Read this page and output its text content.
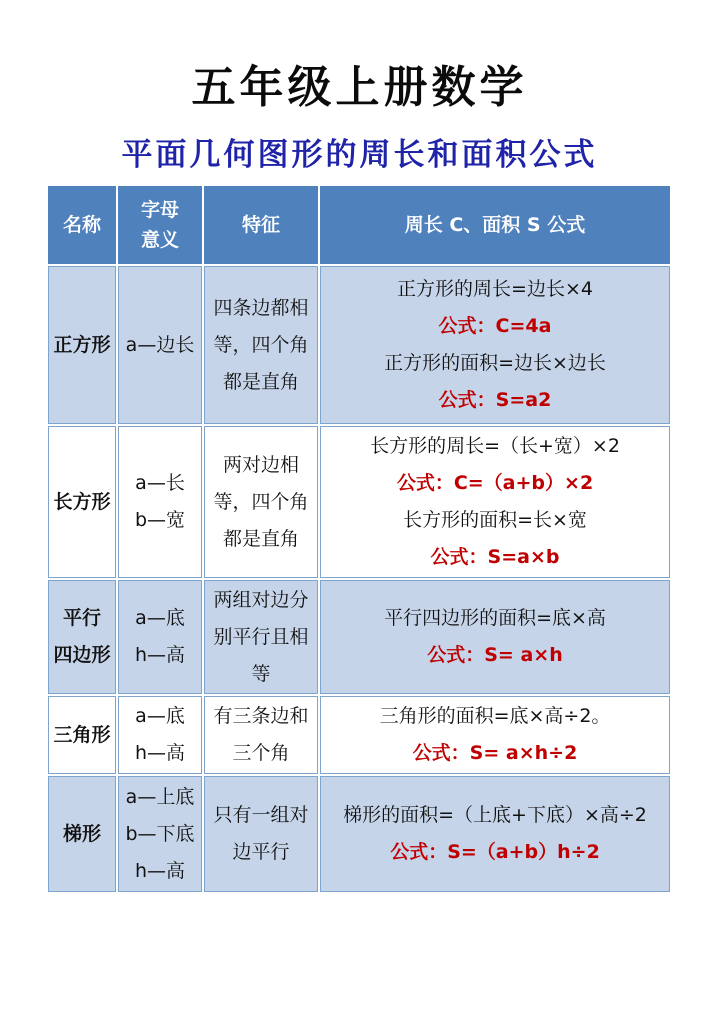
五年级上册数学
平面几何图形的周长和面积公式
名称	字母
意义	特征	周长 C、面积 S 公式

正方形	a—边长	四条边都相
等，四个角
都是直角	正方形的周长=边长×4
公式：C=4a
正方形的面积=边长×边长
公式：S=a2

长方形	a—长
b—宽	两对边相
等，四个角
都是直角	长方形的周长=（长+宽）×2
公式：C=（a+b）×2
长方形的面积=长×宽
公式：S=a×b

平行
四边形	a—底
h—高	两组对边分
别平行且相
等	平行四边形的面积=底×高
公式：S= a×h

三角形	a—底
h—高	有三条边和
三个角	三角形的面积=底×高÷2。
公式：S= a×h÷2

梯形	a—上底
b—下底
h—高	只有一组对
边平行	梯形的面积=（上底+下底）×高÷2
公式：S=（a+b）h÷2
